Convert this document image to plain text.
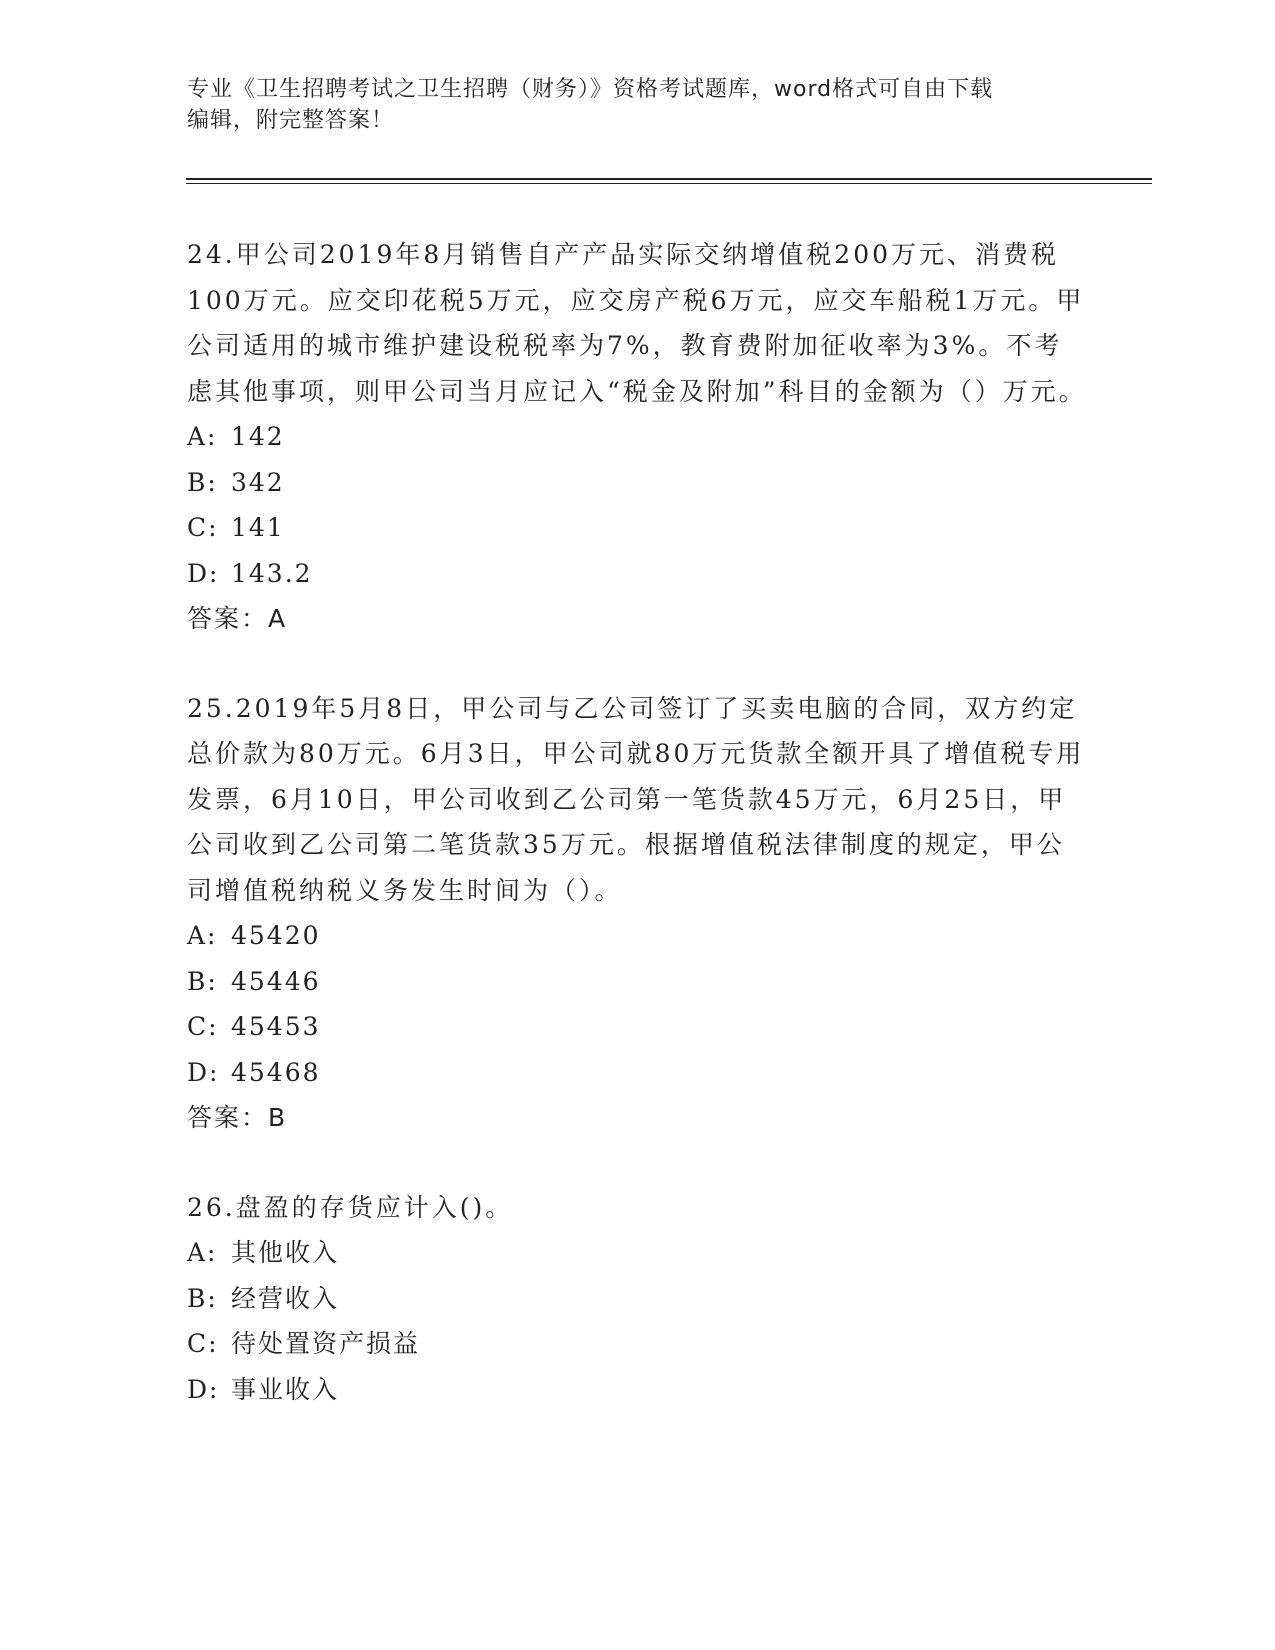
专业《卫生招聘考试之卫生招聘（财务）》资格考试题库，word格式可自由下载
编辑，附完整答案！

24.甲公司2019年8月销售自产产品实际交纳增值税200万元、消费税100万元。应交印花税5万元，应交房产税6万元，应交车船税1万元。甲公司适用的城市维护建设税税率为7%，教育费附加征收率为3%。不考虑其他事项，则甲公司当月应记入“税金及附加”科目的金额为（）万元。

A: 142

B: 342

C: 141

D: 143.2

答案：A

25.2019年5月8日，甲公司与乙公司签订了买卖电脑的合同，双方约定总价款为80万元。6月3日，甲公司就80万元货款全额开具了增值税专用发票，6月10日，甲公司收到乙公司第一笔货款45万元，6月25日，甲公司收到乙公司第二笔货款35万元。根据增值税法律制度的规定，甲公司增值税纳税义务发生时间为（）。

A: 45420

B: 45446

C: 45453

D: 45468

答案：B

26.盘盈的存货应计入()。

A: 其他收入

B: 经营收入

C: 待处置资产损益

D: 事业收入
